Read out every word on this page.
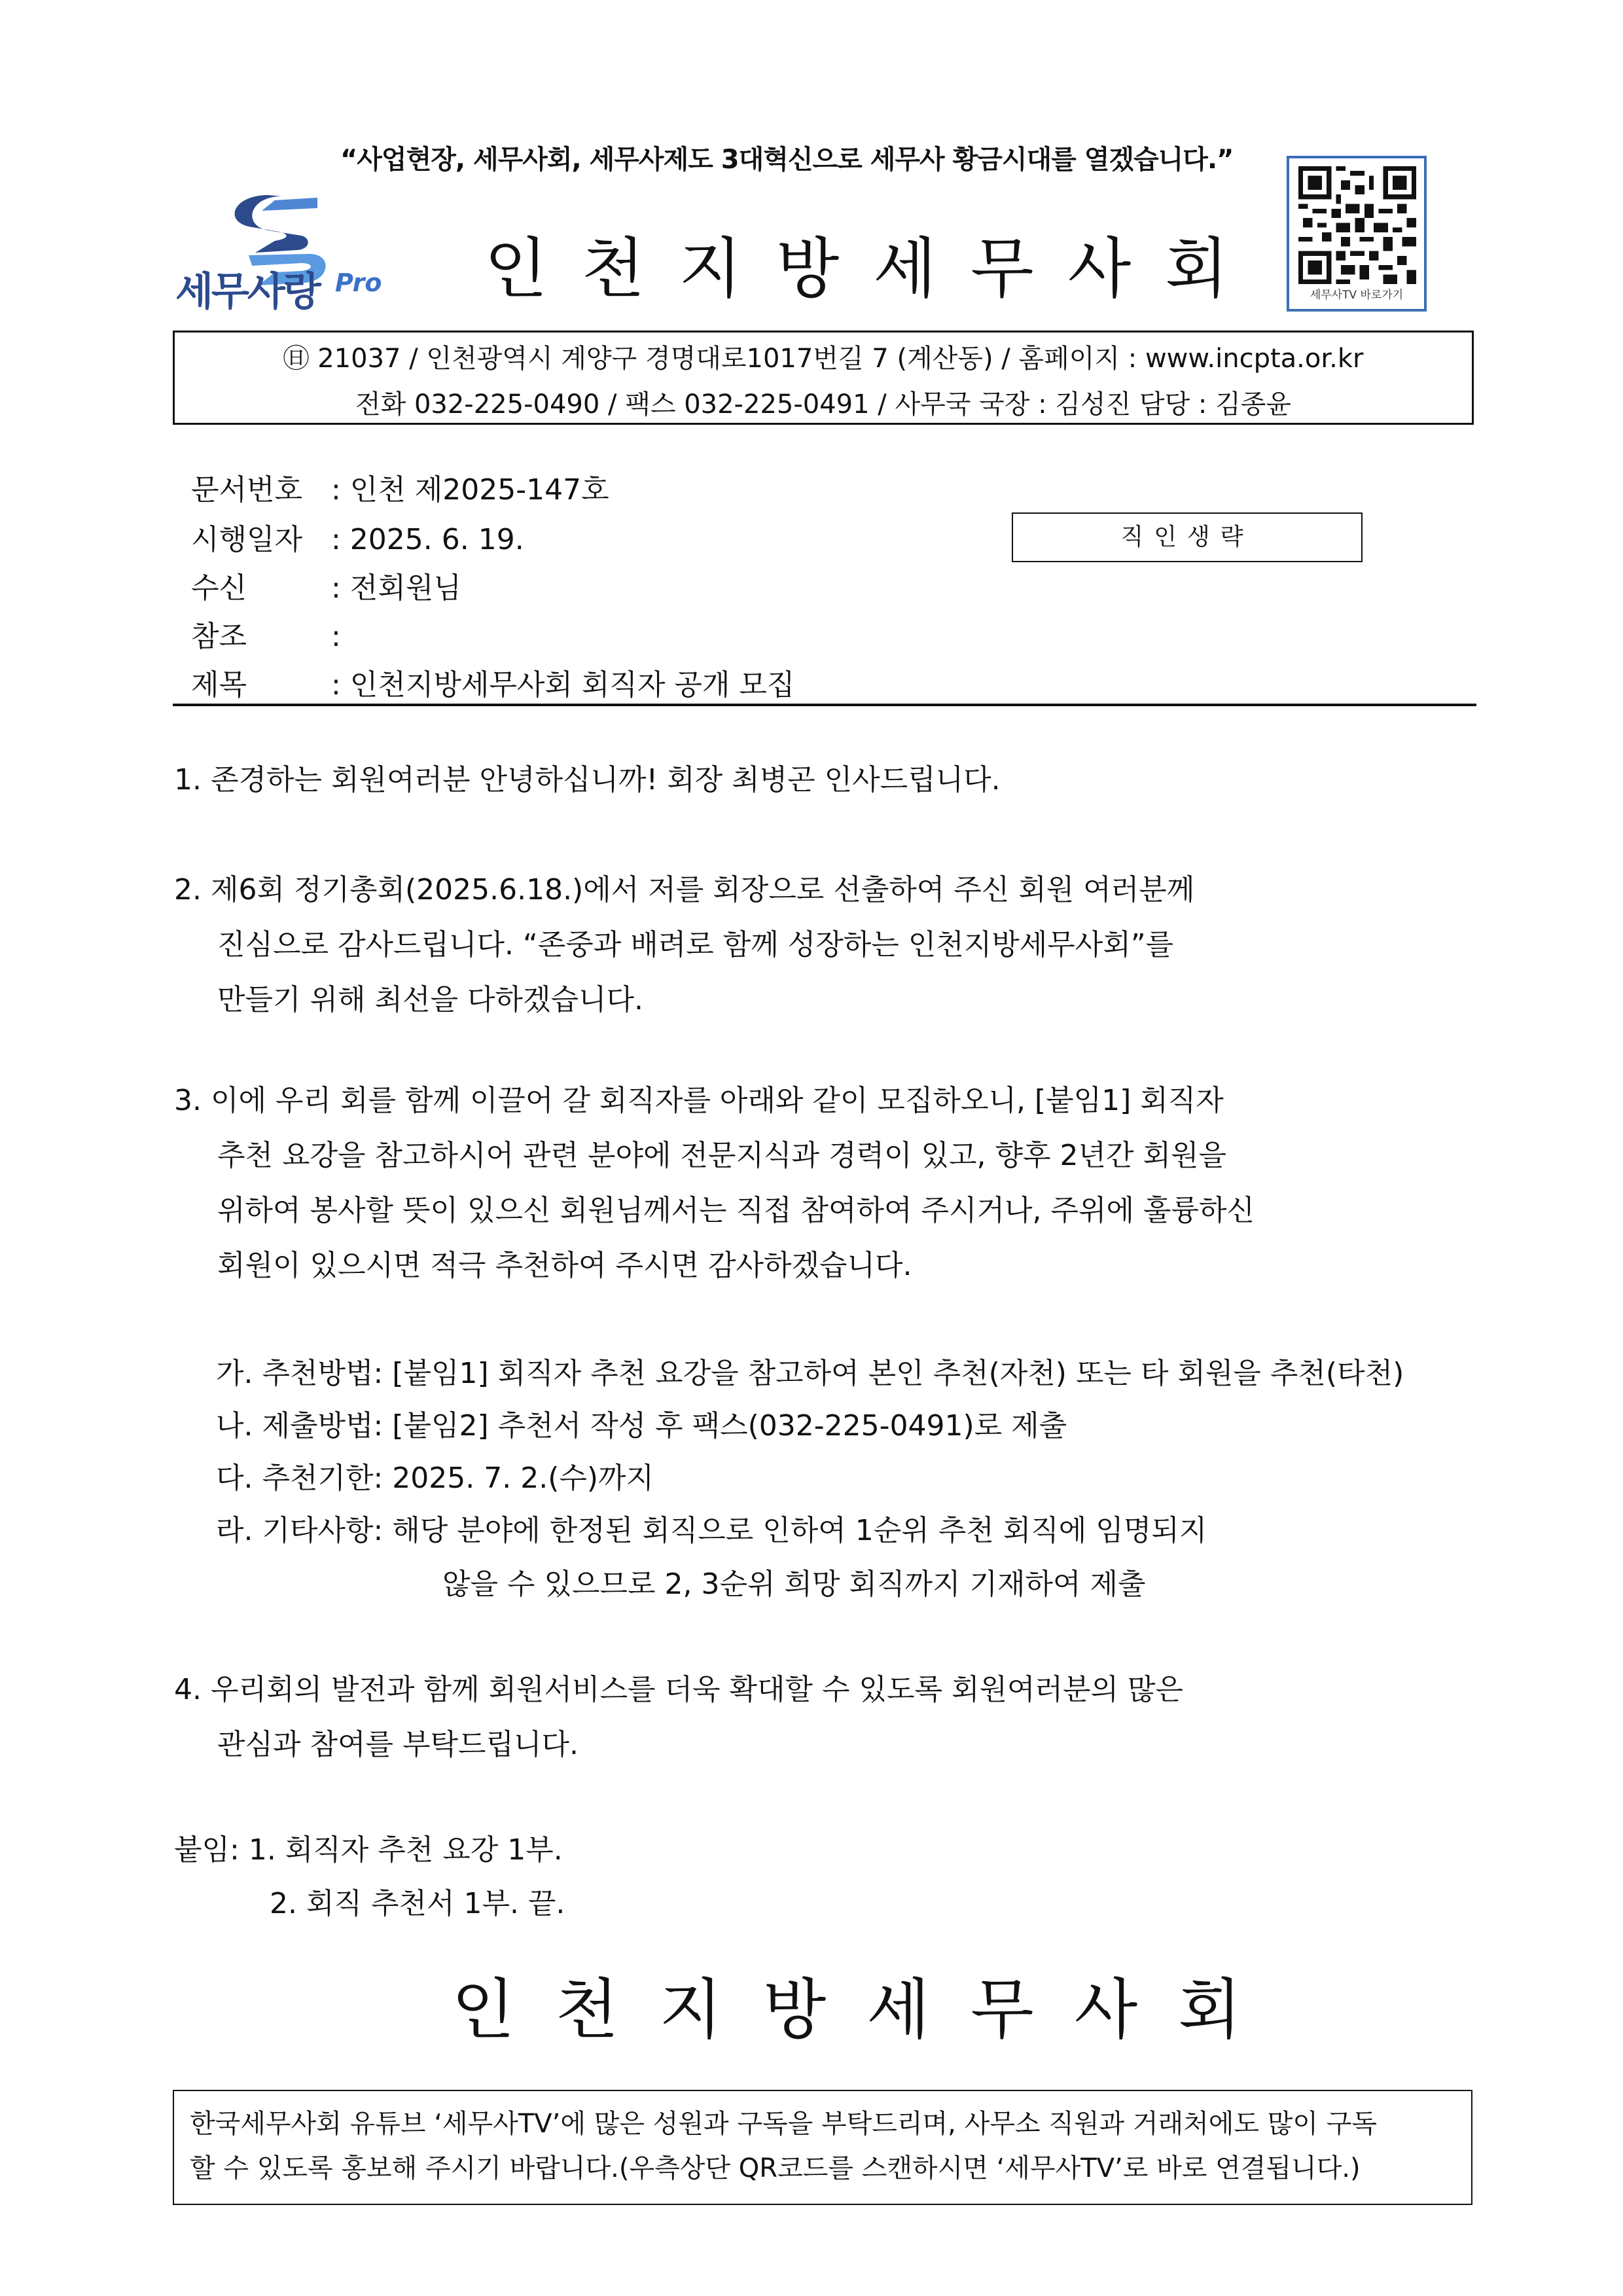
“사업현장, 세무사회, 세무사제도 3대혁신으로 세무사 황금시대를 열겠습니다.”
세무사랑 Pro 인천지방세무사회	세무사TV 바로가기
㊐ 21037 / 인천광역시 계양구 경명대로1017번길 7 (계산동) / 홈페이지 : www.incpta.or.kr
전화 032-225-0490 / 팩스 032-225-0491 / 사무국 국장 : 김성진 담당 : 김종윤
문서번호 : 인천 제2025-147호
시행일자 : 2025. 6. 19.	직인생략
수신	: 전회원님
참조	:
제목	: 인천지방세무사회 회직자 공개 모집
1. 존경하는 회원여러분 안녕하십니까! 회장 최병곤 인사드립니다.
2. 제6회 정기총회(2025.6.18.)에서 저를 회장으로 선출하여 주신 회원 여러분께
진심으로 감사드립니다. “존중과 배려로 함께 성장하는 인천지방세무사회”를
만들기 위해 최선을 다하겠습니다.
3. 이에 우리 회를 함께 이끌어 갈 회직자를 아래와 같이 모집하오니, [붙임1] 회직자
추천 요강을 참고하시어 관련 분야에 전문지식과 경력이 있고, 향후 2년간 회원을
위하여 봉사할 뜻이 있으신 회원님께서는 직접 참여하여 주시거나, 주위에 훌륭하신
회원이 있으시면 적극 추천하여 주시면 감사하겠습니다.
가. 추천방법: [붙임1] 회직자 추천 요강을 참고하여 본인 추천(자천) 또는 타 회원을 추천(타천)
나. 제출방법: [붙임2] 추천서 작성 후 팩스(032-225-0491)로 제출
다. 추천기한: 2025. 7. 2.(수)까지
라. 기타사항: 해당 분야에 한정된 회직으로 인하여 1순위 추천 회직에 임명되지
않을 수 있으므로 2, 3순위 희망 회직까지 기재하여 제출
4. 우리회의 발전과 함께 회원서비스를 더욱 확대할 수 있도록 회원여러분의 많은
관심과 참여를 부탁드립니다.
붙임: 1. 회직자 추천 요강 1부.
2. 회직 추천서 1부. 끝.
인천지방세무사회
한국세무사회 유튜브 ‘세무사TV’에 많은 성원과 구독을 부탁드리며, 사무소 직원과 거래처에도 많이 구독
할 수 있도록 홍보해 주시기 바랍니다.(우측상단 QR코드를 스캔하시면 ‘세무사TV’로 바로 연결됩니다.)
